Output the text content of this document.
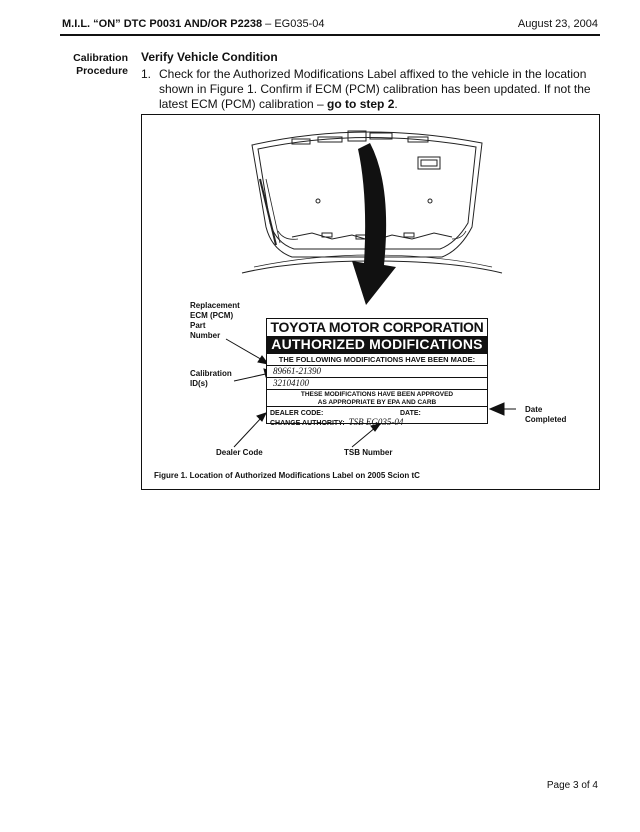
M.I.L. “ON” DTC P0031 AND/OR P2238 – EG035-04	August 23, 2004
Calibration Procedure
Verify Vehicle Condition
1. Check for the Authorized Modifications Label affixed to the vehicle in the location shown in Figure 1. Confirm if ECM (PCM) calibration has been updated. If not the latest ECM (PCM) calibration – go to step 2.
Replacement
ECM (PCM)
Part
Number
Calibration
ID(s)
Date
Completed
Dealer Code	TSB Number
TOYOTA MOTOR CORPORATION
AUTHORIZED MODIFICATIONS
THE FOLLOWING MODIFICATIONS HAVE BEEN MADE:
89661-21390
32104100
THESE MODIFICATIONS HAVE BEEN APPROVED
AS APPROPRIATE BY EPA AND CARB
DEALER CODE:	DATE:
CHANGE AUTHORITY: TSB EG035-04
Figure 1. Location of Authorized Modifications Label on 2005 Scion tC
Page 3 of 4
